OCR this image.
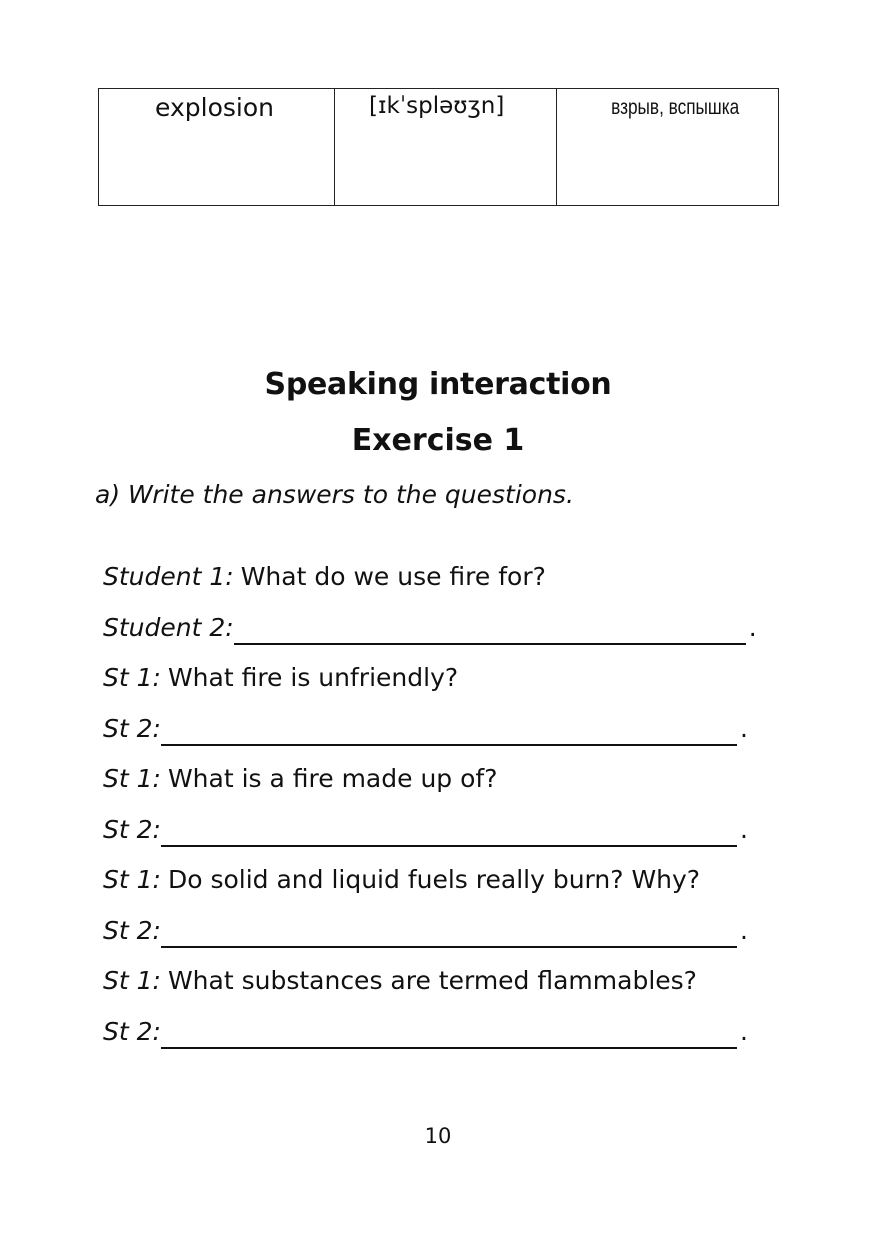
explosion	[ɪkˈspləʊʒn]	взрыв, вспышка
Speaking interaction
Exercise 1
a) Write the answers to the questions.
Student 1: What do we use fire for?
Student 2:	.
St 1: What fire is unfriendly?
St 2:	.
St 1: What is a fire made up of?
St 2:	.
St 1: Do solid and liquid fuels really burn? Why?
St 2:	.
St 1: What substances are termed flammables?
St 2:	.
10
